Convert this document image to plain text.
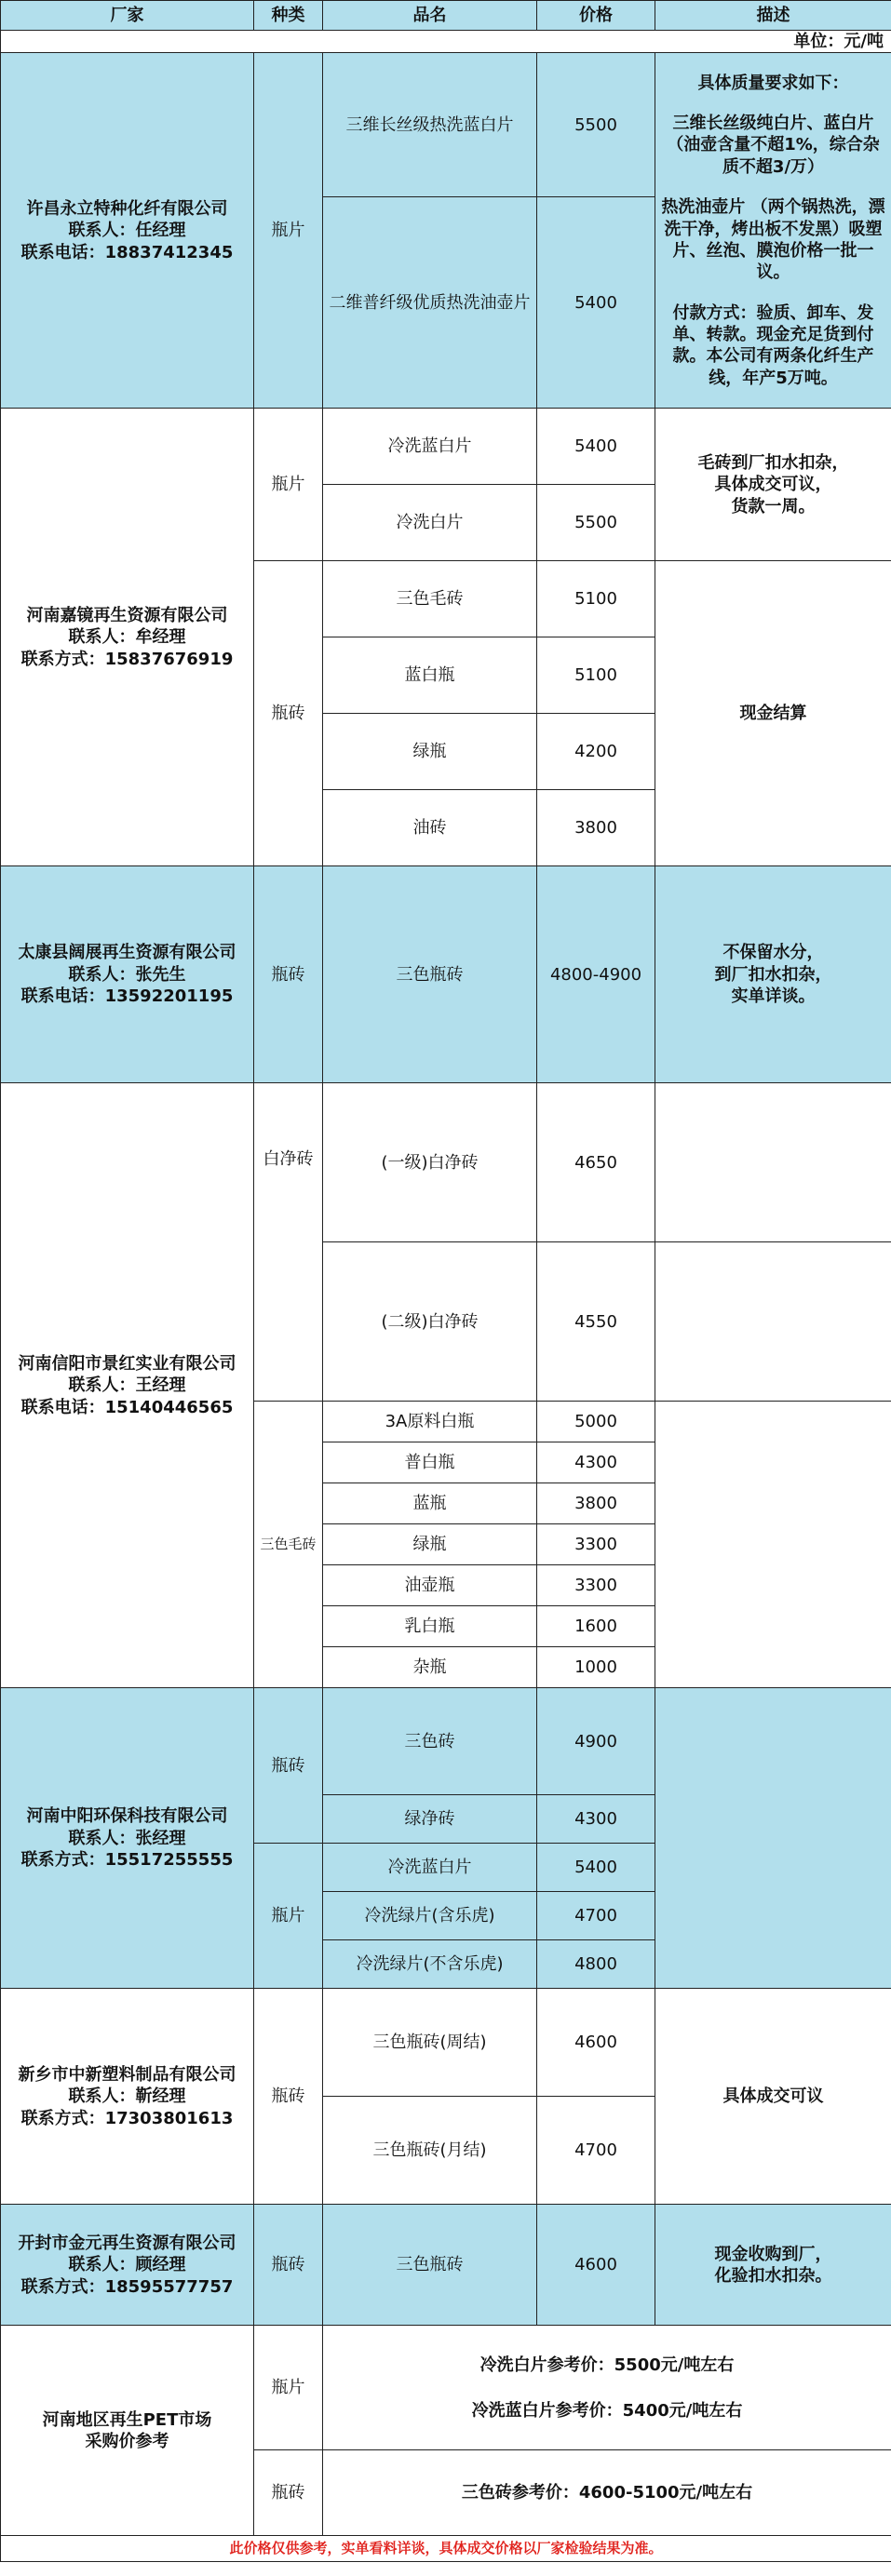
厂家	种类	品名	价格	描述
单位：元/吨				

许昌永立特种化纤有限公司
联系人：任经理
联系电话：18837412345	瓶片	三维长丝级热洗蓝白片	5500	具体质量要求如下：
三维长丝级纯白片、蓝白片（油壶含量不超1%，综合杂质不超3/万）
热洗油壶片 （两个锅热洗，漂洗干净，烤出板不发黑）吸塑片、丝泡、膜泡价格一批一议。
付款方式：验质、卸车、发单、转款。现金充足货到付款。本公司有两条化纤生产线，年产5万吨。

		二维普纤级优质热洗油壶片	5400	

河南嘉镜再生资源有限公司
联系人：牟经理
联系方式：15837676919	瓶片	冷洗蓝白片	5400	毛砖到厂扣水扣杂，
具体成交可议，
货款一周。

		冷洗白片	5500	
	瓶砖	三色毛砖	5100	现金结算
		蓝白瓶	5100	
		绿瓶	4200	
		油砖	3800	

太康县阔展再生资源有限公司
联系人：张先生
联系电话：13592201195	瓶砖	三色瓶砖	4800-4900	不保留水分，
到厂扣水扣杂，
实单详谈。

河南信阳市景红实业有限公司
联系人：王经理
联系电话：15140446565	白净砖	(一级)白净砖	4650	
		(二级)白净砖	4550	
	三色毛砖	3A原料白瓶	5000	
		普白瓶	4300	
		蓝瓶	3800	
		绿瓶	3300	
		油壶瓶	3300	
		乳白瓶	1600	
		杂瓶	1000	

河南中阳环保科技有限公司
联系人：张经理
联系方式：15517255555	瓶砖	三色砖	4900	
		绿净砖	4300	
	瓶片	冷洗蓝白片	5400	
		冷洗绿片(含乐虎)	4700	
		冷洗绿片(不含乐虎)	4800	

新乡市中新塑料制品有限公司
联系人：靳经理
联系方式：17303801613	瓶砖	三色瓶砖(周结)	4600	具体成交可议
		三色瓶砖(月结)	4700	

开封市金元再生资源有限公司
联系人：顾经理
联系方式：18595577757	瓶砖	三色瓶砖	4600	现金收购到厂，
化验扣水扣杂。

河南地区再生PET市场
采购价参考	瓶片	冷洗白片参考价：5500元/吨左右
冷洗蓝白片参考价：5400元/吨左右		

	瓶砖	三色砖参考价：4600-5100元/吨左右		
此价格仅供参考，实单看料详谈，具体成交价格以厂家检验结果为准。				
